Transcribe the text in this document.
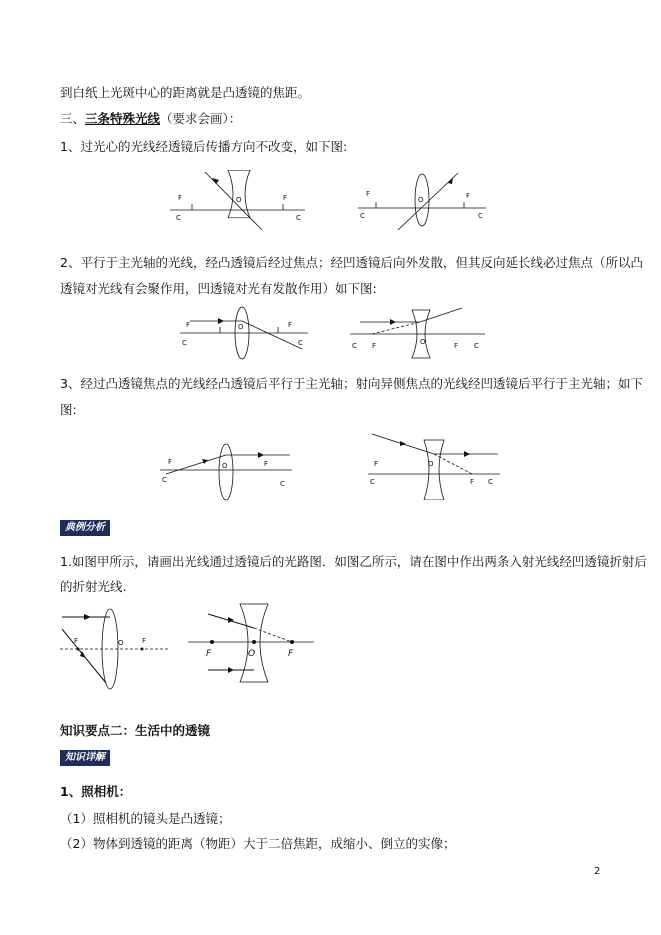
到白纸上光斑中心的距离就是凸透镜的焦距。
三、三条特殊光线（要求会画）：
1、过光心的光线经透镜后传播方向不改变，如下图:
F
C
O	F
C
F
C
O	F
C
2、平行于主光轴的光线，经凸透镜后经过焦点；经凹透镜后向外发散，但其反向延长线必过焦点（所以凸
透镜对光线有会聚作用，凹透镜对光有发散作用）如下图:
F
C
O	F
C	C F	O	F C
3、经过凸透镜焦点的光线经凸透镜后平行于主光轴；射向异侧焦点的光线经凹透镜后平行于主光轴；如下
图:
F
C
O	F
C
F
C
O
F C
典例分析
1.如图甲所示，请画出光线通过透镜后的光路图．如图乙所示，请在图中作出两条入射光线经凹透镜折射后
的折射光线.
F	O	F
F	O	F
知识要点二：生活中的透镜
知识详解
1、照相机：
（1）照相机的镜头是凸透镜；
（2）物体到透镜的距离（物距）大于二倍焦距，成缩小、倒立的实像；
2
